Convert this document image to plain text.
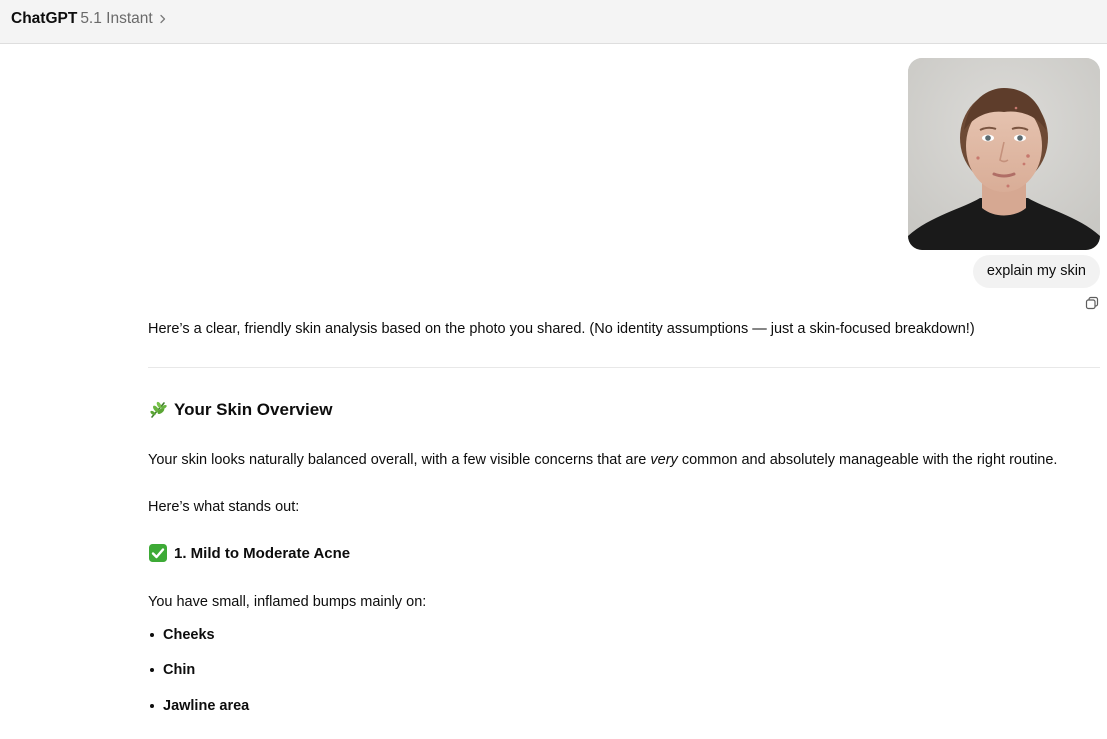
ChatGPT 5.1 Instant
explain my skin
Here’s a clear, friendly skin analysis based on the photo you shared. (No identity assumptions — just a skin-focused breakdown!)
Your Skin Overview
Your skin looks naturally balanced overall, with a few visible concerns that are very common and absolutely manageable with the right routine.
Here’s what stands out:
1. Mild to Moderate Acne
You have small, inflamed bumps mainly on:
Cheeks
Chin
Jawline area
